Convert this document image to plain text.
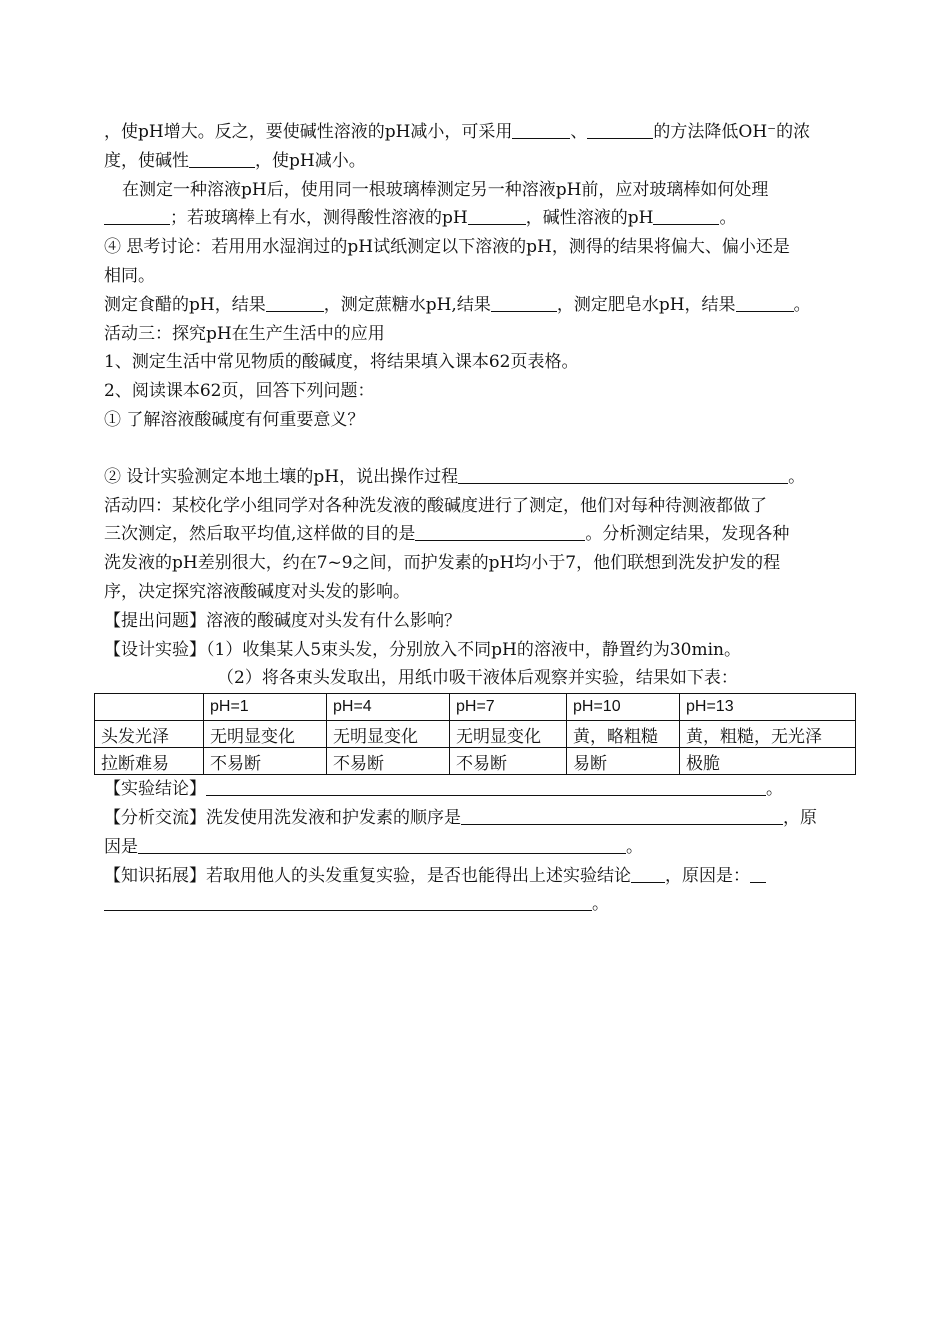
，使pH增大。反之，要使碱性溶液的pH减小，可采用	、	的方法降低OH⁻的浓
度，使碱性	，使pH减小。
在测定一种溶液pH后，使用同一根玻璃棒测定另一种溶液pH前，应对玻璃棒如何处理
；若玻璃棒上有水，测得酸性溶液的pH	，碱性溶液的pH	。
④ 思考讨论：若用用水湿润过的pH试纸测定以下溶液的pH，测得的结果将偏大、偏小还是
相同。
测定食醋的pH，结果	，测定蔗糖水pH,结果	，测定肥皂水pH，结果	。
活动三：探究pH在生产生活中的应用
1、测定生活中常见物质的酸碱度，将结果填入课本62页表格。
2、阅读课本62页，回答下列问题：
① 了解溶液酸碱度有何重要意义？
② 设计实验测定本地土壤的pH，说出操作过程	。
活动四：某校化学小组同学对各种洗发液的酸碱度进行了测定，他们对每种待测液都做了
三次测定，然后取平均值,这样做的目的是	。分析测定结果，发现各种
洗发液的pH差别很大，约在7~9之间，而护发素的pH均小于7，他们联想到洗发护发的程
序，决定探究溶液酸碱度对头发的影响。
【提出问题】溶液的酸碱度对头发有什么影响？
【设计实验】（1）收集某人5束头发，分别放入不同pH的溶液中，静置约为30min。
（2）将各束头发取出，用纸巾吸干液体后观察并实验，结果如下表：
	pH=1	pH=4	pH=7	pH=10	pH=13
头发光泽	无明显变化	无明显变化	无明显变化	黄，略粗糙	黄，粗糙，无光泽
拉断难易	不易断	不易断	不易断	易断	极脆
【实验结论】	。
【分析交流】洗发使用洗发液和护发素的顺序是	，原
因是	。
【知识拓展】若取用他人的头发重复实验，是否也能得出上述实验结论 ，原因是：
。
